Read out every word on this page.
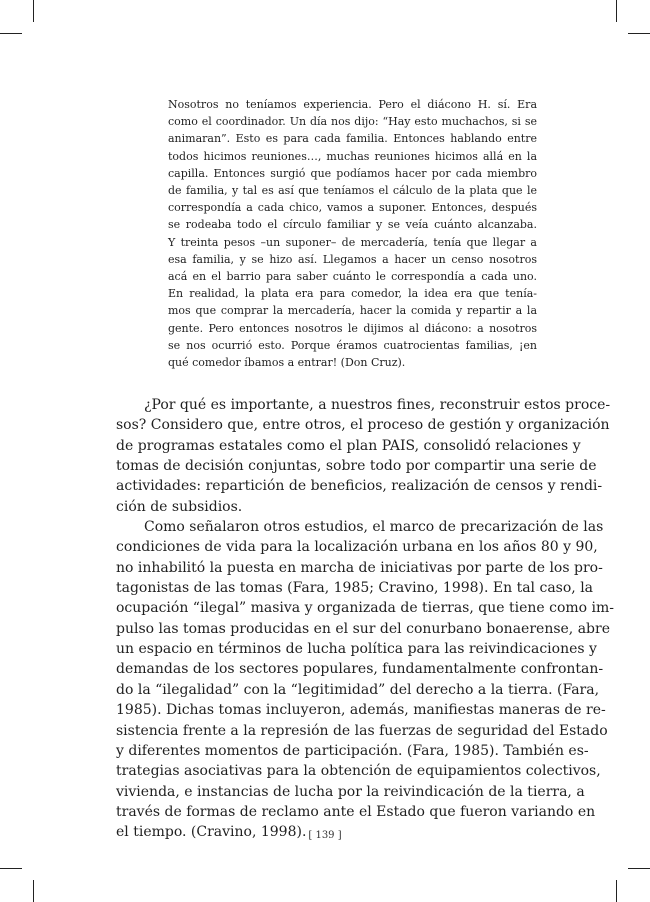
Nosotros no teníamos experiencia. Pero el diácono H. sí. Era
como el coordinador. Un día nos dijo: “Hay esto muchachos, si se
animaran”. Esto es para cada familia. Entonces hablando entre
todos hicimos reuniones…, muchas reuniones hicimos allá en la
capilla. Entonces surgió que podíamos hacer por cada miembro
de familia, y tal es así que teníamos el cálculo de la plata que le
correspondía a cada chico, vamos a suponer. Entonces, después
se rodeaba todo el círculo familiar y se veía cuánto alcanzaba.
Y treinta pesos –un suponer– de mercadería, tenía que llegar a
esa familia, y se hizo así. Llegamos a hacer un censo nosotros
acá en el barrio para saber cuánto le correspondía a cada uno.
En realidad, la plata era para comedor, la idea era que tenía-
mos que comprar la mercadería, hacer la comida y repartir a la
gente. Pero entonces nosotros le dijimos al diácono: a nosotros
se nos ocurrió esto. Porque éramos cuatrocientas familias, ¡en
qué comedor íbamos a entrar! (Don Cruz).
¿Por qué es importante, a nuestros fines, reconstruir estos proce-
sos? Considero que, entre otros, el proceso de gestión y organización
de programas estatales como el plan PAIS, consolidó relaciones y
tomas de decisión conjuntas, sobre todo por compartir una serie de
actividades: repartición de beneficios, realización de censos y rendi-
ción de subsidios.
Como señalaron otros estudios, el marco de precarización de las
condiciones de vida para la localización urbana en los años 80 y 90,
no inhabilitó la puesta en marcha de iniciativas por parte de los pro-
tagonistas de las tomas (Fara, 1985; Cravino, 1998). En tal caso, la
ocupación “ilegal” masiva y organizada de tierras, que tiene como im-
pulso las tomas producidas en el sur del conurbano bonaerense, abre
un espacio en términos de lucha política para las reivindicaciones y
demandas de los sectores populares, fundamentalmente confrontan-
do la “ilegalidad” con la “legitimidad” del derecho a la tierra. (Fara,
1985). Dichas tomas incluyeron, además, manifiestas maneras de re-
sistencia frente a la represión de las fuerzas de seguridad del Estado
y diferentes momentos de participación. (Fara, 1985). También es-
trategias asociativas para la obtención de equipamientos colectivos,
vivienda, e instancias de lucha por la reivindicación de la tierra, a
través de formas de reclamo ante el Estado que fueron variando en
el tiempo. (Cravino, 1998). [ 139 ]
